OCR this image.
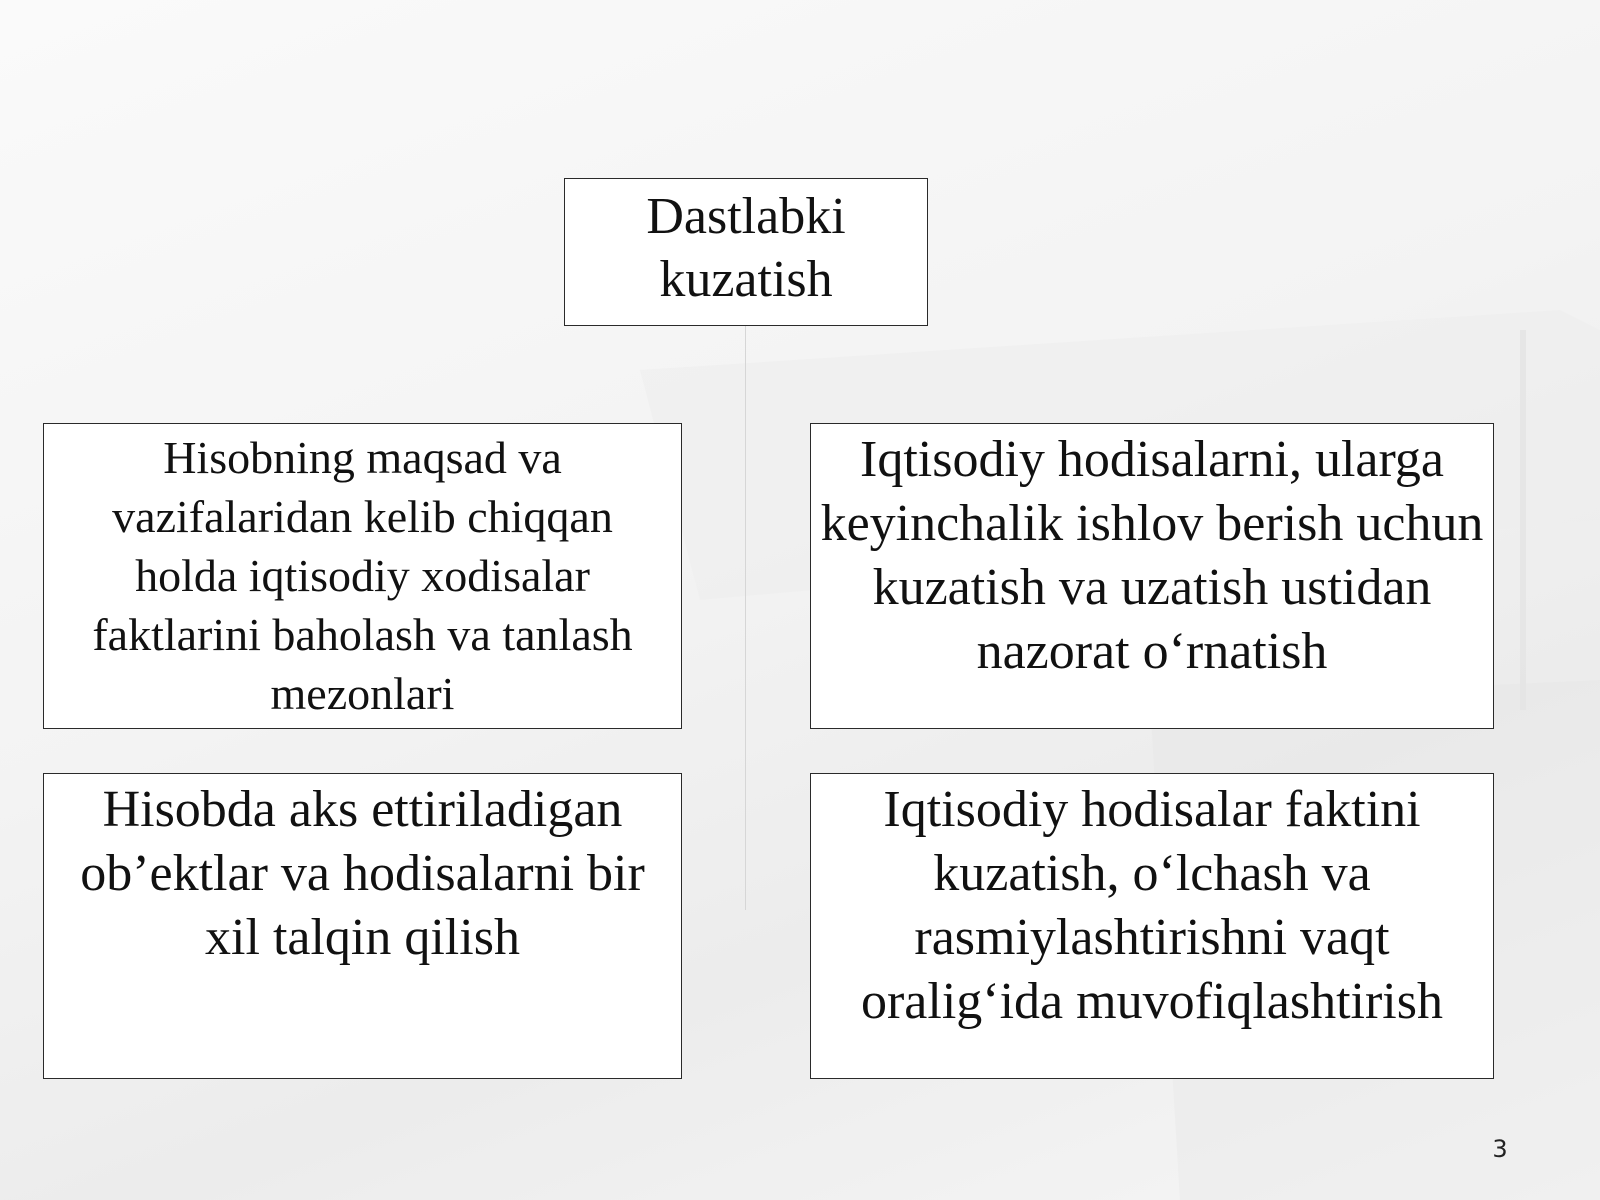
Dastlabki kuzatish
Hisobning maqsad va vazifalaridan kelib chiqqan holda iqtisodiy xodisalar faktlarini baholash va tanlash mezonlari
Iqtisodiy hodisalarni, ularga keyinchalik ishlov berish uchun kuzatish va uzatish ustidan nazorat o‘rnatish
Hisobda aks ettiriladigan ob’ektlar va hodisalarni bir xil talqin qilish
Iqtisodiy hodisalar faktini kuzatish, o‘lchash va rasmiylashtirishni vaqt oralig‘ida muvofiqlashtirish
3
